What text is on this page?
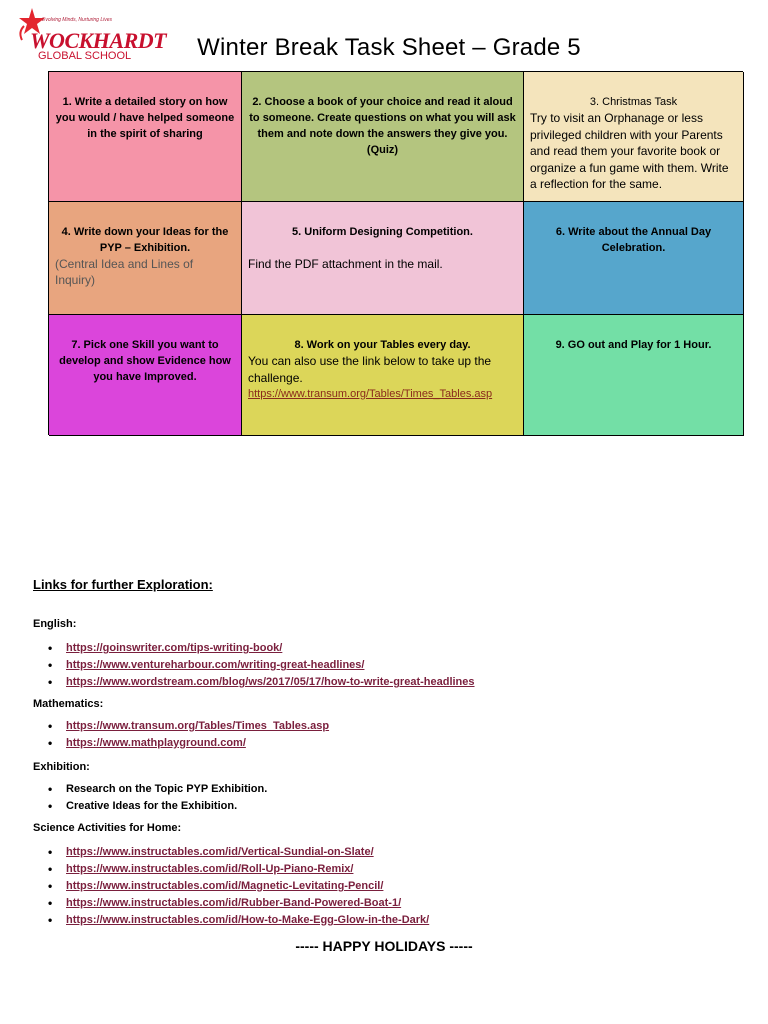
Evolving Minds, Nurturing Lives
WOCKHARDT
GLOBAL SCHOOL	Winter Break Task Sheet – Grade 5
1. Write a detailed story on how you would / have helped someone in the spirit of sharing
2. Choose a book of your choice and read it aloud to someone. Create questions on what you will ask them and note down the answers they give you.(Quiz)
3. Christmas Task
Try to visit an Orphanage or less privileged children with your Parents and read them your favorite book or organize a fun game with them. Write a reflection for the same.
4. Write down your Ideas for the PYP – Exhibition.
(Central Idea and Lines of Inquiry)
5. Uniform Designing Competition.
Find the PDF attachment in the mail.
6. Write about the Annual Day Celebration.
7. Pick one Skill you want to develop and show Evidence how you have Improved.
8. Work on your Tables every day.
You can also use the link below to take up the challenge.
https://www.transum.org/Tables/Times_Tables.asp
9. GO out and Play for 1 Hour.
Links for further Exploration:
English:
• https://goinswriter.com/tips-writing-book/
• https://www.ventureharbour.com/writing-great-headlines/
• https://www.wordstream.com/blog/ws/2017/05/17/how-to-write-great-headlines
Mathematics:
• https://www.transum.org/Tables/Times_Tables.asp
• https://www.mathplayground.com/
Exhibition:
• Research on the Topic PYP Exhibition.
• Creative Ideas for the Exhibition.
Science Activities for Home:
• https://www.instructables.com/id/Vertical-Sundial-on-Slate/
• https://www.instructables.com/id/Roll-Up-Piano-Remix/
• https://www.instructables.com/id/Magnetic-Levitating-Pencil/
• https://www.instructables.com/id/Rubber-Band-Powered-Boat-1/
• https://www.instructables.com/id/How-to-Make-Egg-Glow-in-the-Dark/
----- HAPPY HOLIDAYS -----
